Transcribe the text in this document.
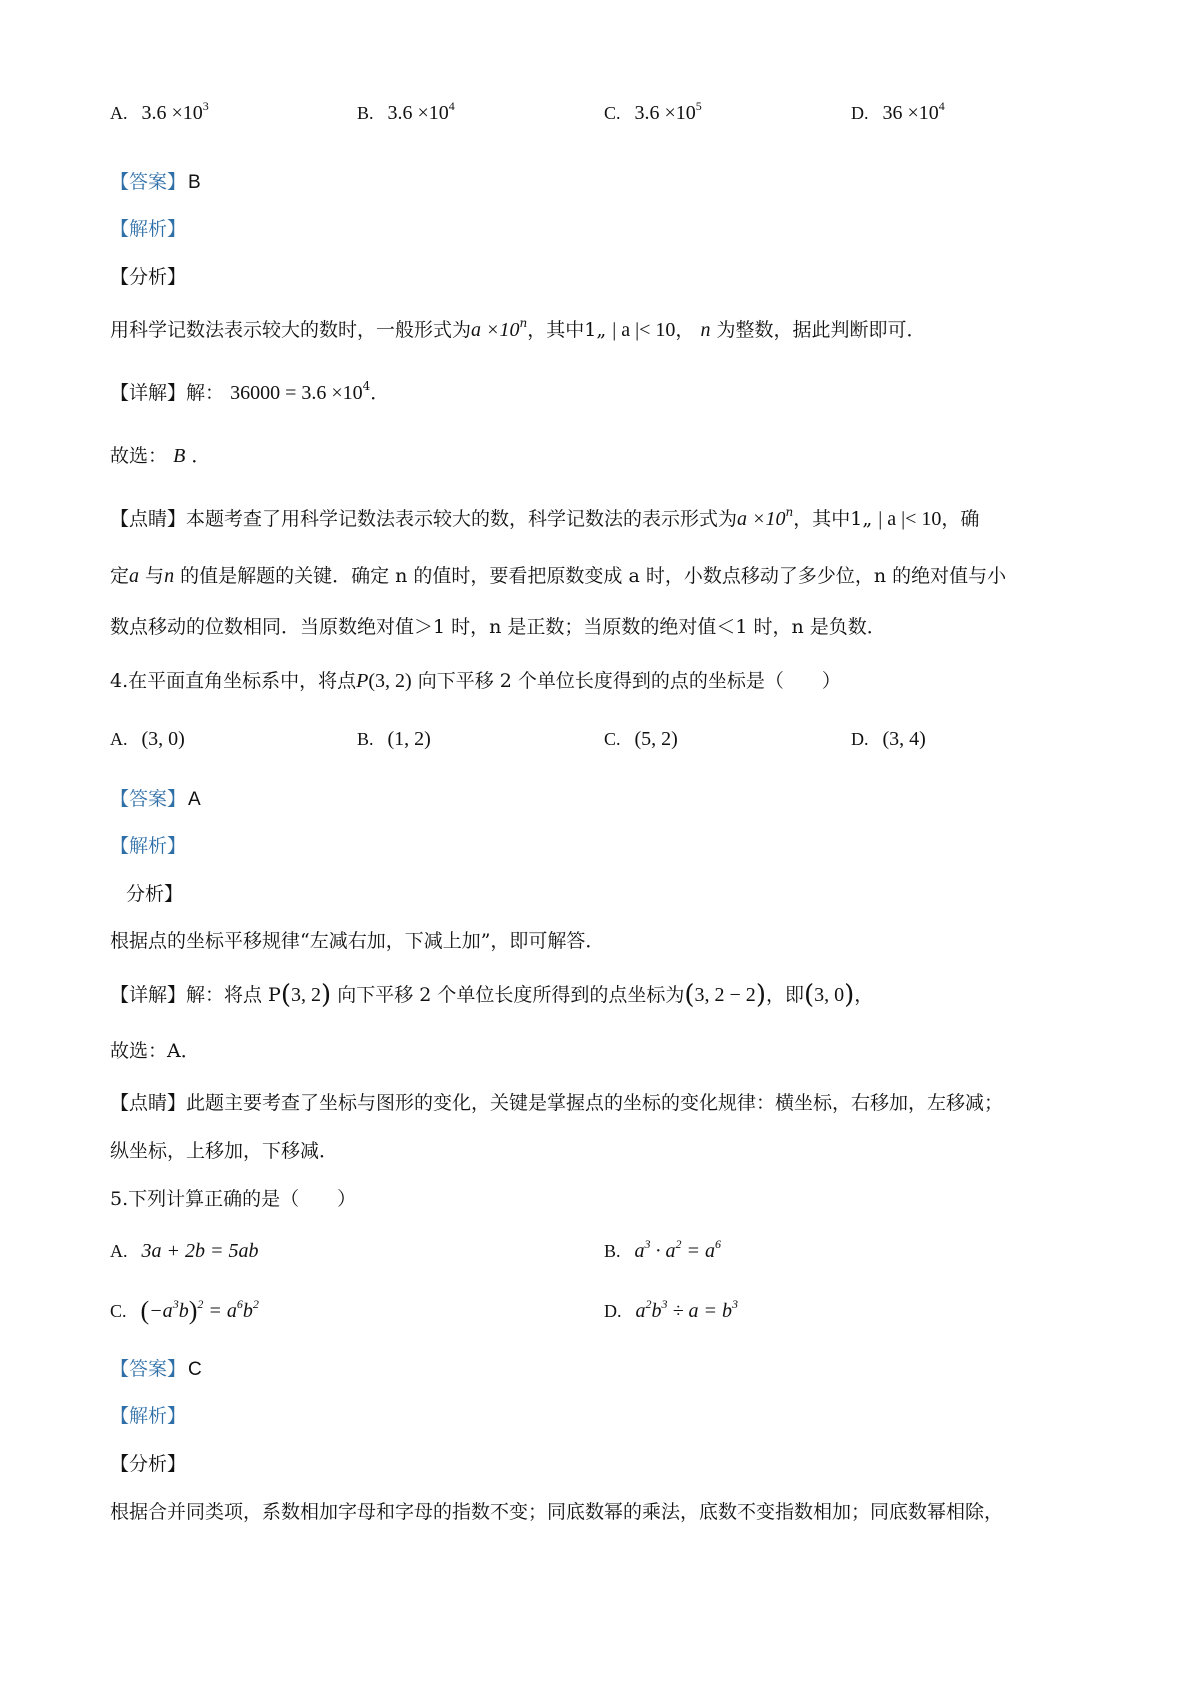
A. $3.6 \times 10^3$	B. $3.6 \times 10^4$	C. $3.6 \times 10^5$	D. $36 \times 10^4$
【答案】 B
【解析】
【分析】
用科学记数法表示较大的数时，一般形式为$a \times 10^n$，其中1„ | a |< 10， n 为整数，据此判断即可．
【详解】解： $36000 = 3.6 \times 10^4$．
故选： B ．
【点睛】本题考查了用科学记数法表示较大的数，科学记数法的表示形式为$a \times 10^n$，其中1„ | a |< 10，确
定a 与n 的值是解题的关键．确定 n 的值时，要看把原数变成 a 时，小数点移动了多少位，n 的绝对值与小
数点移动的位数相同．当原数绝对值＞1 时，n 是正数；当原数的绝对值＜1 时，n 是负数．
4.在平面直角坐标系中，将点P(3, 2) 向下平移 2 个单位长度得到的点的坐标是（　　）
A. (3, 0)	B. (1, 2)	C. (5, 2)	D. (3, 4)
【答案】 A
【解析】
分析】
根据点的坐标平移规律“左减右加，下减上加”，即可解答．
【详解】解：将点 P(3, 2) 向下平移 2 个单位长度所得到的点坐标为(3, 2 − 2)，即(3, 0)，
故选：A．
【点睛】此题主要考查了坐标与图形的变化，关键是掌握点的坐标的变化规律：横坐标，右移加，左移减；
纵坐标，上移加，下移减．
5.下列计算正确的是（　　）
A. 3a + 2b = 5ab	B. $a^3 \cdot a^2 = a^6$
C. $(-a^3b)^2 = a^6b^2$	D. $a^2b^3 \div a = b^3$
【答案】 C
【解析】
【分析】
根据合并同类项，系数相加字母和字母的指数不变；同底数幂的乘法，底数不变指数相加；同底数幂相除，
